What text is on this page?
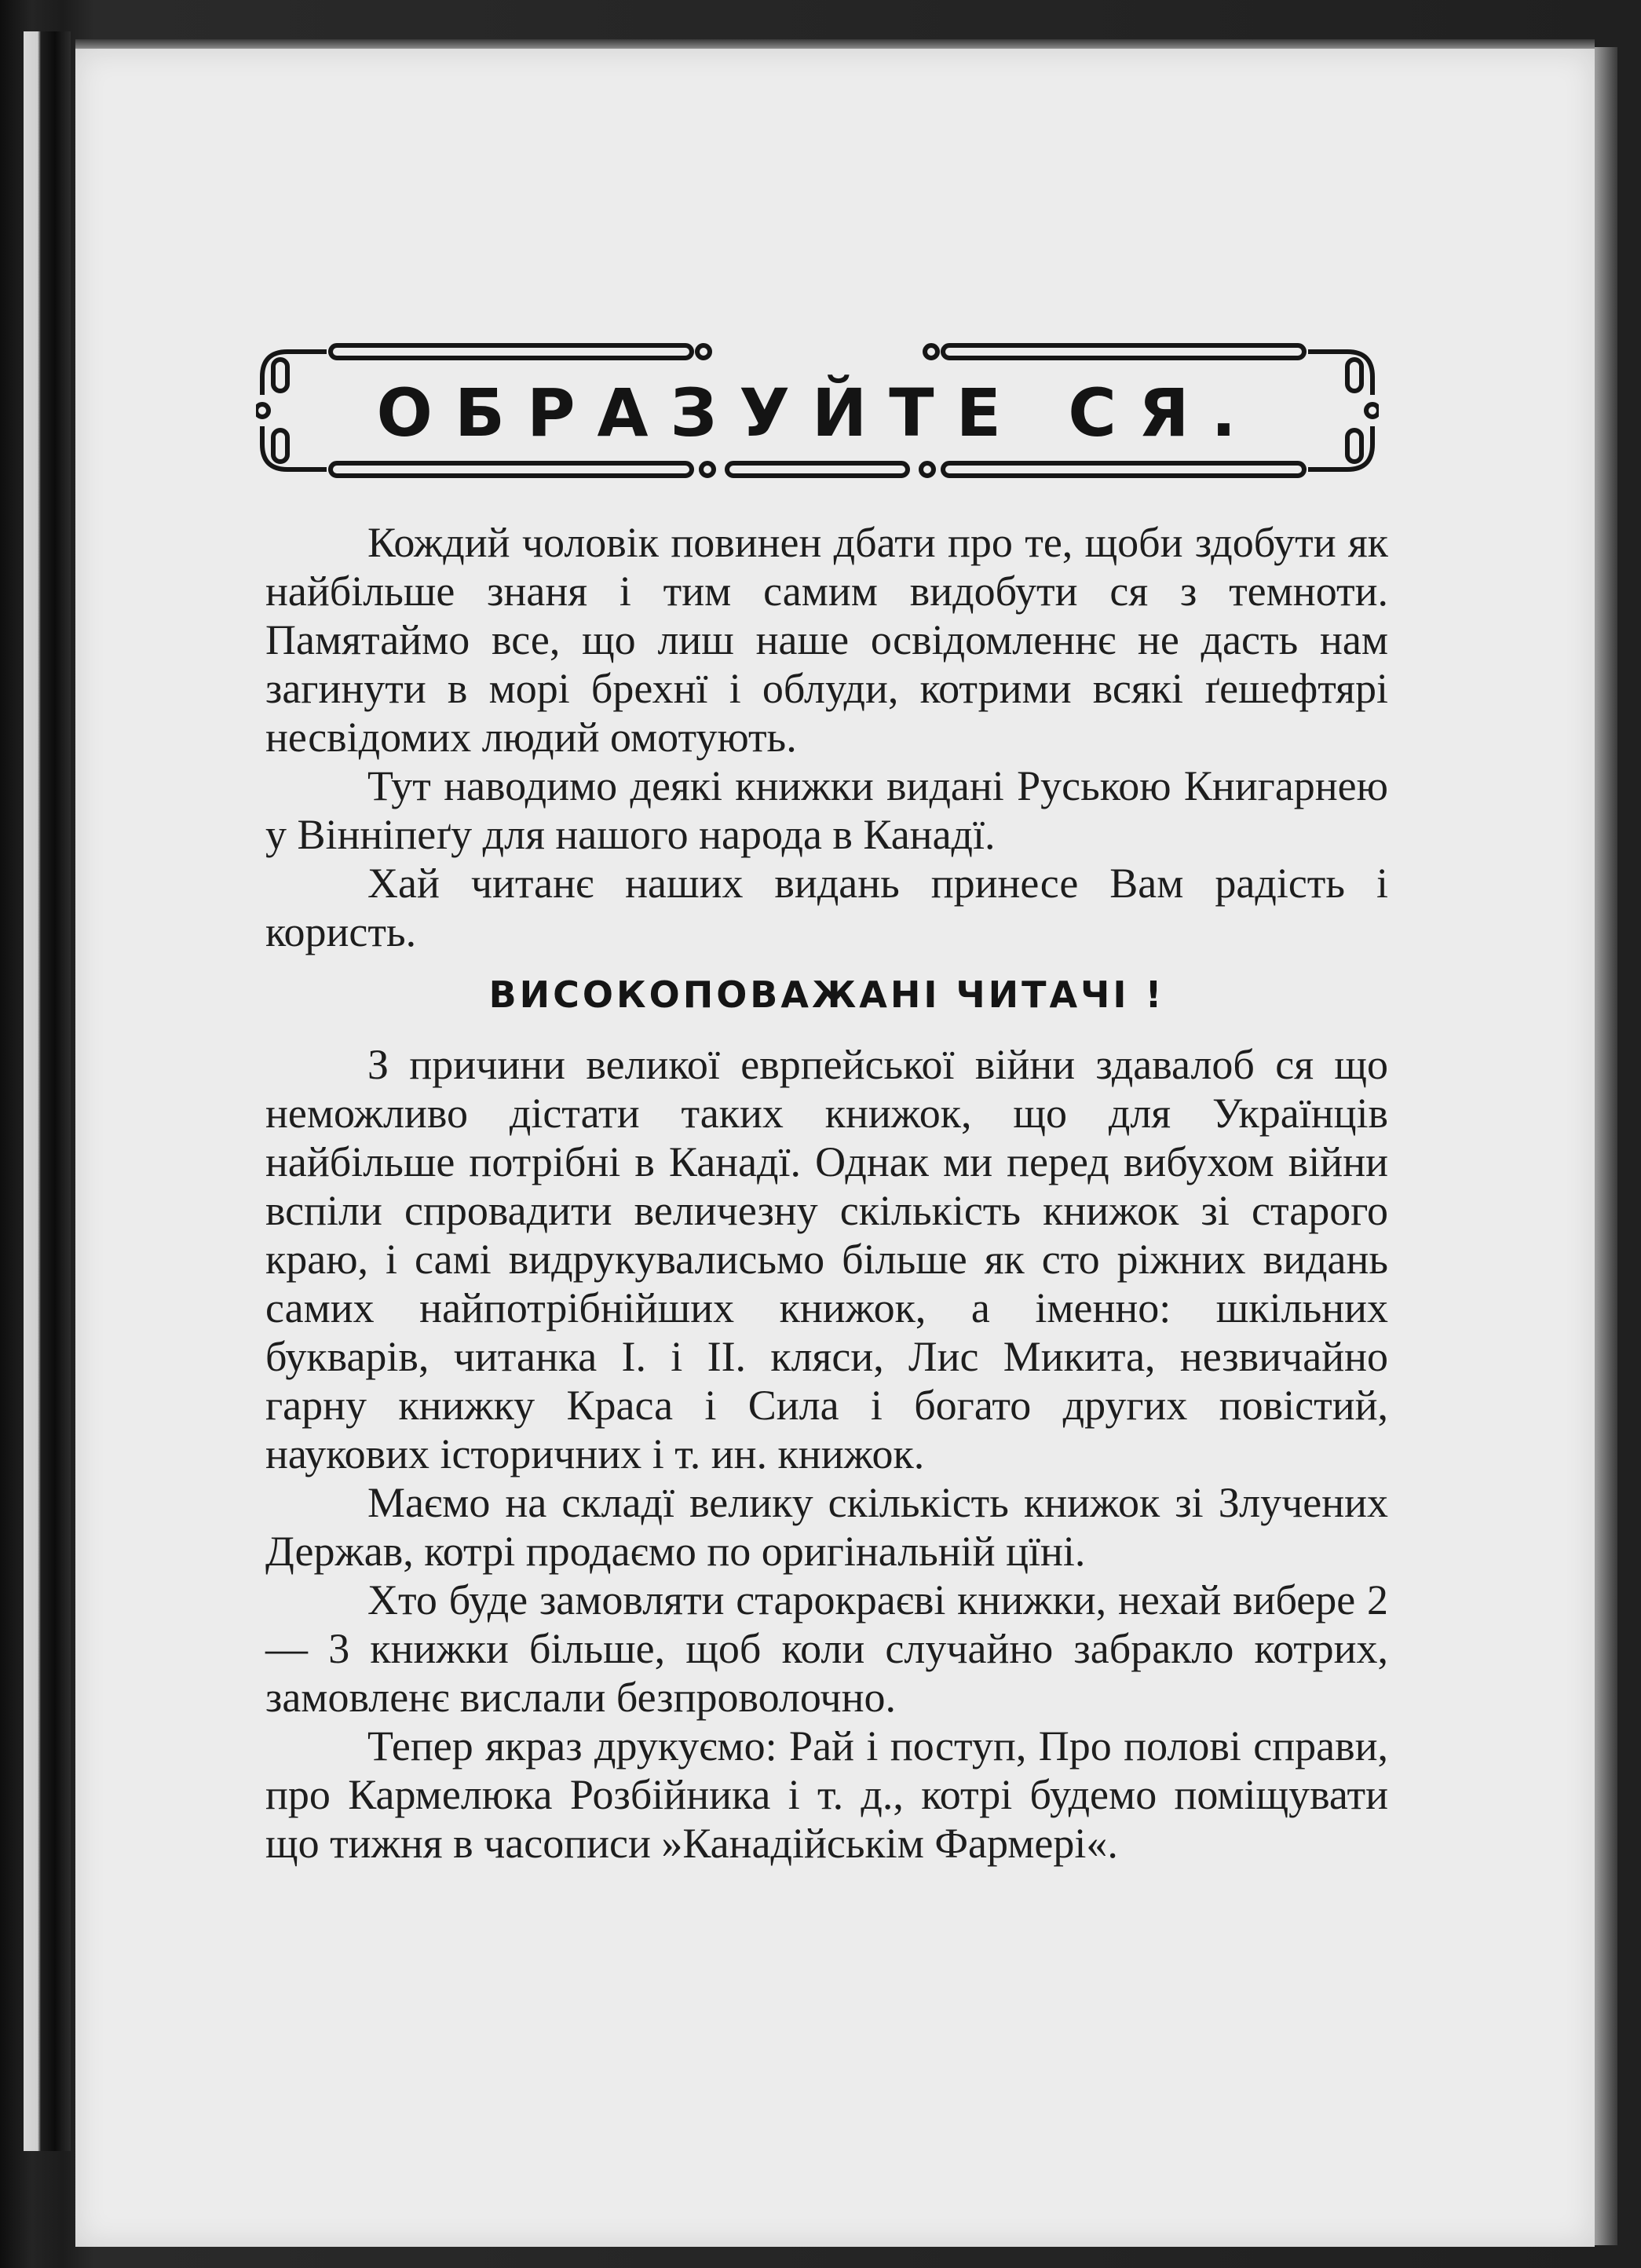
ОБРАЗУЙТЕ СЯ.

Кождий чоловік повинен дбати про те, щоби здобути як найбільше знаня і тим самим видобути ся з темноти. Памятаймо все, що лиш наше освідомленнє не дасть нам загинути в морі брехнї і облуди, котрими всякі ґешефтярі несвідомих людий омотують.

Тут наводимо деякі книжки видані Руською Книгарнею у Вінніпеґу для нашого народа в Канадї.

Хай читанє наших видань принесе Вам радість і користь.

ВИСОКОПОВАЖАНІ ЧИТАЧІ !

З причини великої еврпейської війни здавалоб ся що неможливо дістати таких книжок, що для Українців найбільше потрібні в Канадї. Однак ми перед вибухом війни вспіли спровадити величезну скількість книжок зі старого краю, і самі видрукувалисьмо більше як сто ріжних видань самих найпотрібнійших книжок, а іменно: шкільних букварів, читанка І. і II. кляси, Лис Микита, незвичайно гарну книжку Краса і Сила і богато других повістий, наукових історичних і т. ин. книжок.

Маємо на складї велику скількість книжок зі Злучених Держав, котрі продаємо по оригінальній цїні.

Хто буде замовляти старокраєві книжки, нехай вибере 2 — 3 книжки більше, щоб коли случайно забракло котрих, замовленє вислали безпроволочно.

Тепер якраз друкуємо: Рай і поступ, Про полові справи, про Кармелюка Розбійника і т. д., котрі будемо поміщувати що тижня в часописи »Канадійськім Фармері«.
